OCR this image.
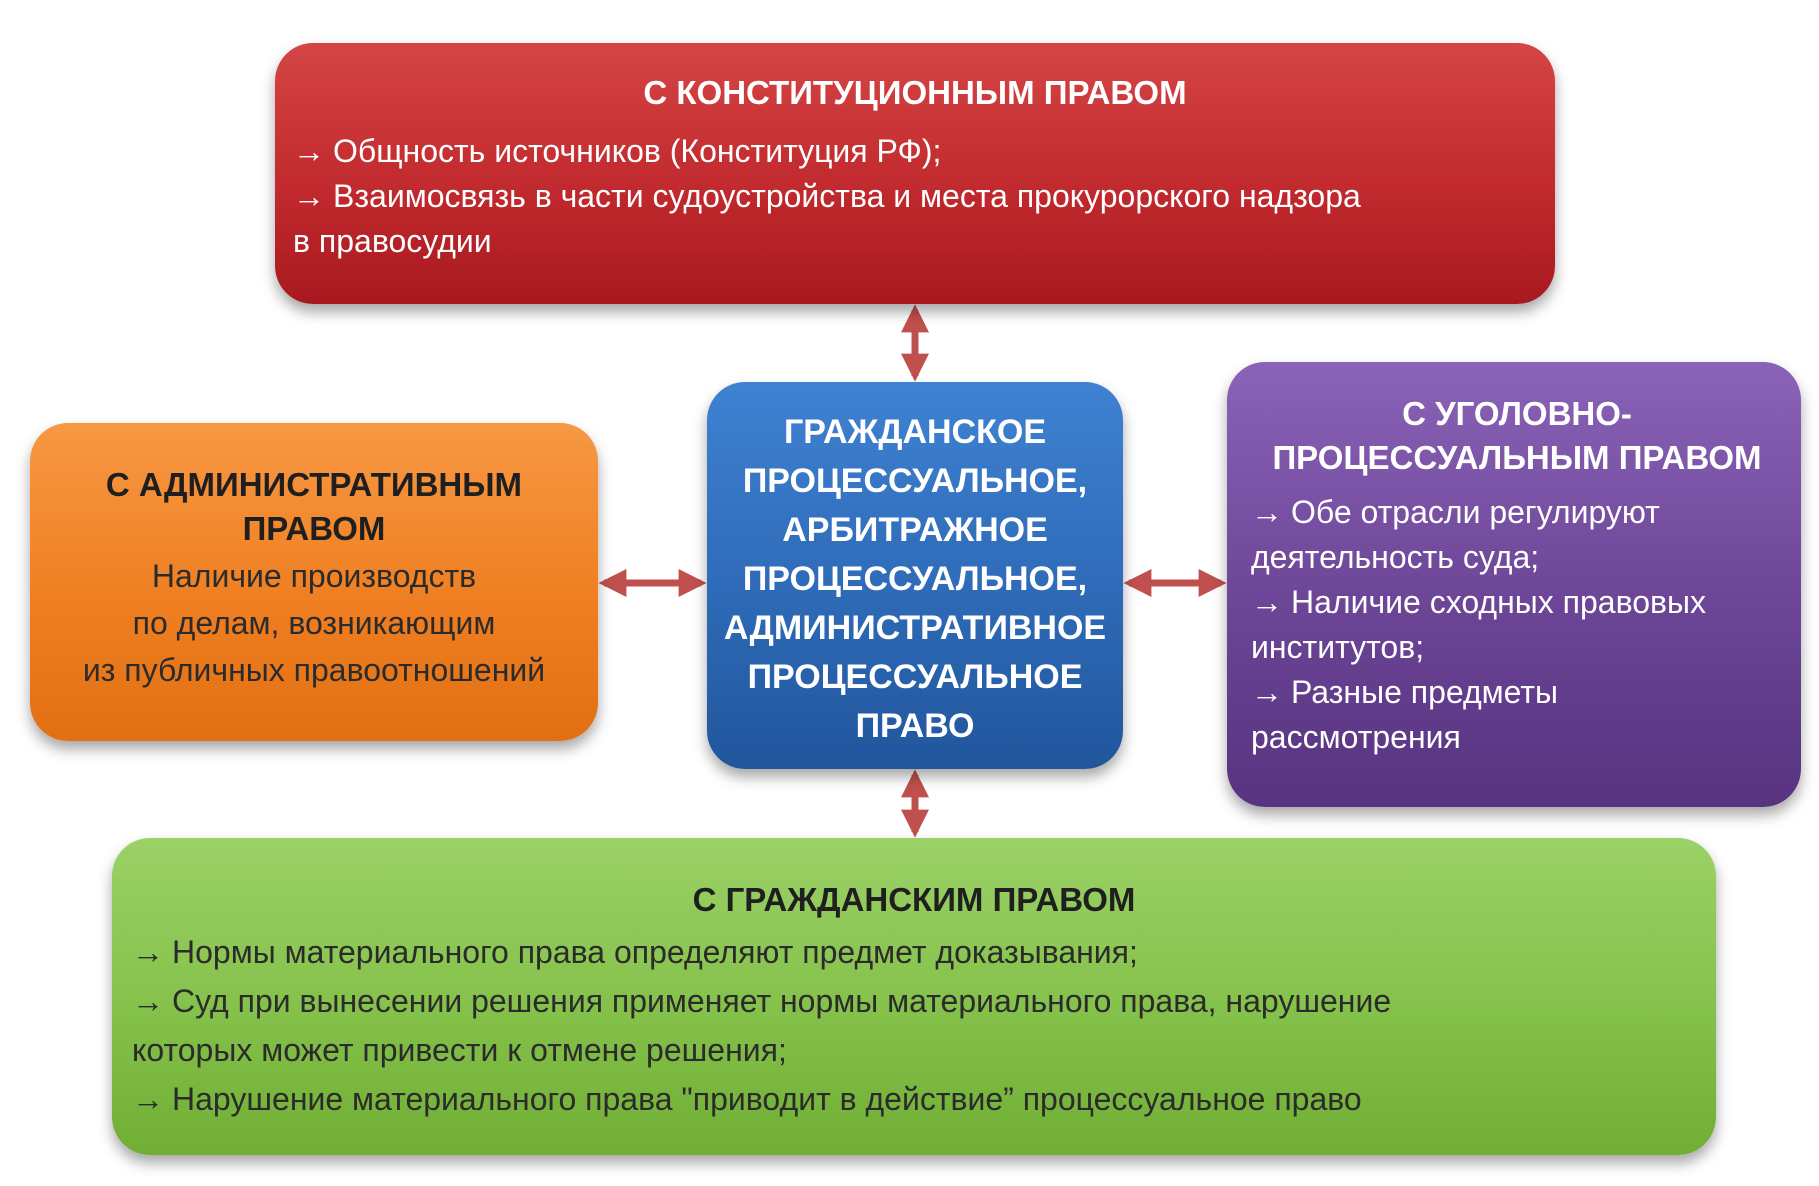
С КОНСТИТУЦИОННЫМ ПРАВОМ
→ Общность источников (Конституция РФ);
→ Взаимосвязь в части судоустройства и места прокурорского надзора
в правосудии
С АДМИНИСТРАТИВНЫМ
ПРАВОМ
Наличие производств
по делам, возникающим
из публичных правоотношений
ГРАЖДАНСКОЕ
ПРОЦЕССУАЛЬНОЕ,
АРБИТРАЖНОЕ
ПРОЦЕССУАЛЬНОЕ,
АДМИНИСТРАТИВНОЕ
ПРОЦЕССУАЛЬНОЕ
ПРАВО
С УГОЛОВНО-
ПРОЦЕССУАЛЬНЫМ ПРАВОМ
→ Обе отрасли регулируют
деятельность суда;
→ Наличие сходных правовых
институтов;
→ Разные предметы
рассмотрения
С ГРАЖДАНСКИМ ПРАВОМ
→ Нормы материального права определяют предмет доказывания;
→ Суд при вынесении решения применяет нормы материального права, нарушение
которых может привести к отмене решения;
→ Нарушение материального права "приводит в действие” процессуальное право
